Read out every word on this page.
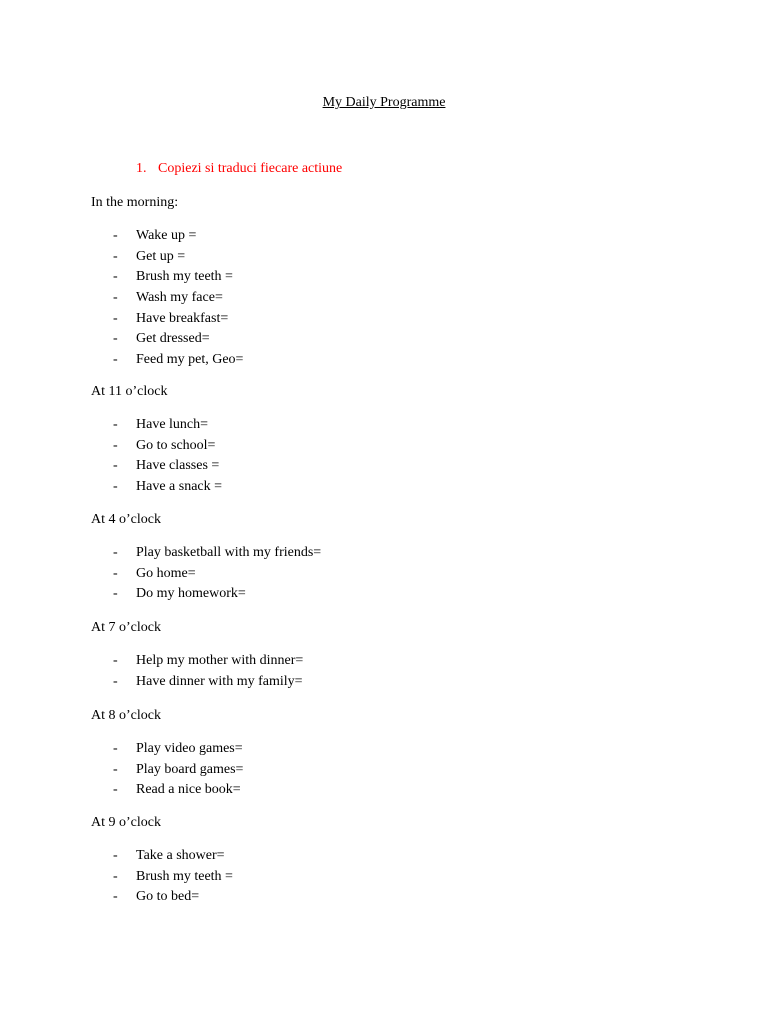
My Daily Programme
1. Copiezi si traduci fiecare actiune
In the morning:
- Wake up =
- Get up =
- Brush my teeth =
- Wash my face=
- Have breakfast=
- Get dressed=
- Feed my pet, Geo=
At 11 o’clock
- Have lunch=
- Go to school=
- Have classes =
- Have a snack =
At 4 o’clock
- Play basketball with my friends=
- Go home=
- Do my homework=
At 7 o’clock
- Help my mother with dinner=
- Have dinner with my family=
At 8 o’clock
- Play video games=
- Play board games=
- Read a nice book=
At 9 o’clock
- Take a shower=
- Brush my teeth =
- Go to bed=
